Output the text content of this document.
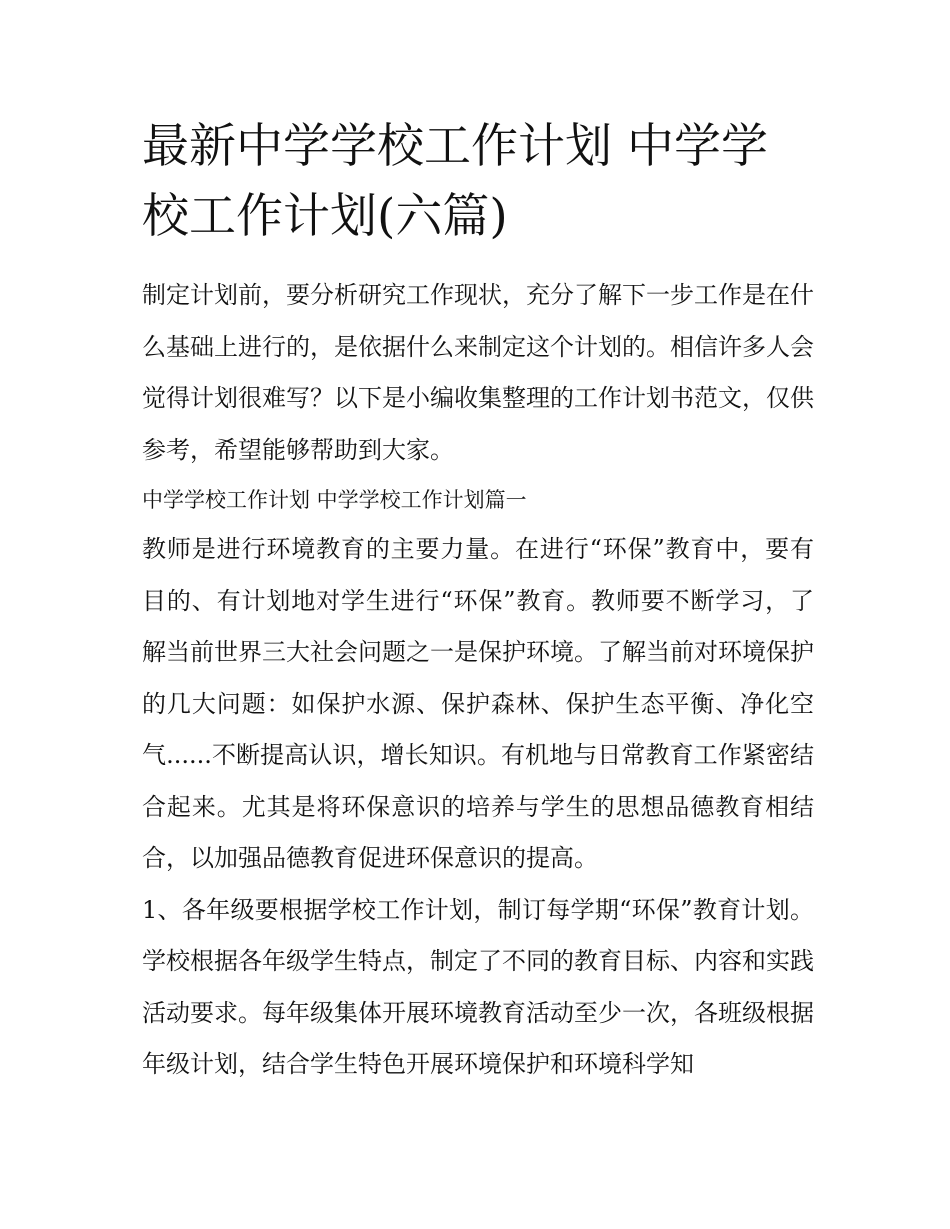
最新中学学校工作计划 中学学校工作计划(六篇)

制定计划前，要分析研究工作现状，充分了解下一步工作是在什么基础上进行的，是依据什么来制定这个计划的。相信许多人会觉得计划很难写？以下是小编收集整理的工作计划书范文，仅供参考，希望能够帮助到大家。

中学学校工作计划 中学学校工作计划篇一

教师是进行环境教育的主要力量。在进行“环保”教育中，要有目的、有计划地对学生进行“环保”教育。教师要不断学习，了解当前世界三大社会问题之一是保护环境。了解当前对环境保护的几大问题：如保护水源、保护森林、保护生态平衡、净化空气......不断提高认识，增长知识。有机地与日常教育工作紧密结合起来。尤其是将环保意识的培养与学生的思想品德教育相结合，以加强品德教育促进环保意识的提高。

1、各年级要根据学校工作计划，制订每学期“环保”教育计划。学校根据各年级学生特点，制定了不同的教育目标、内容和实践活动要求。每年级集体开展环境教育活动至少一次，各班级根据年级计划，结合学生特色开展环境保护和环境科学知
